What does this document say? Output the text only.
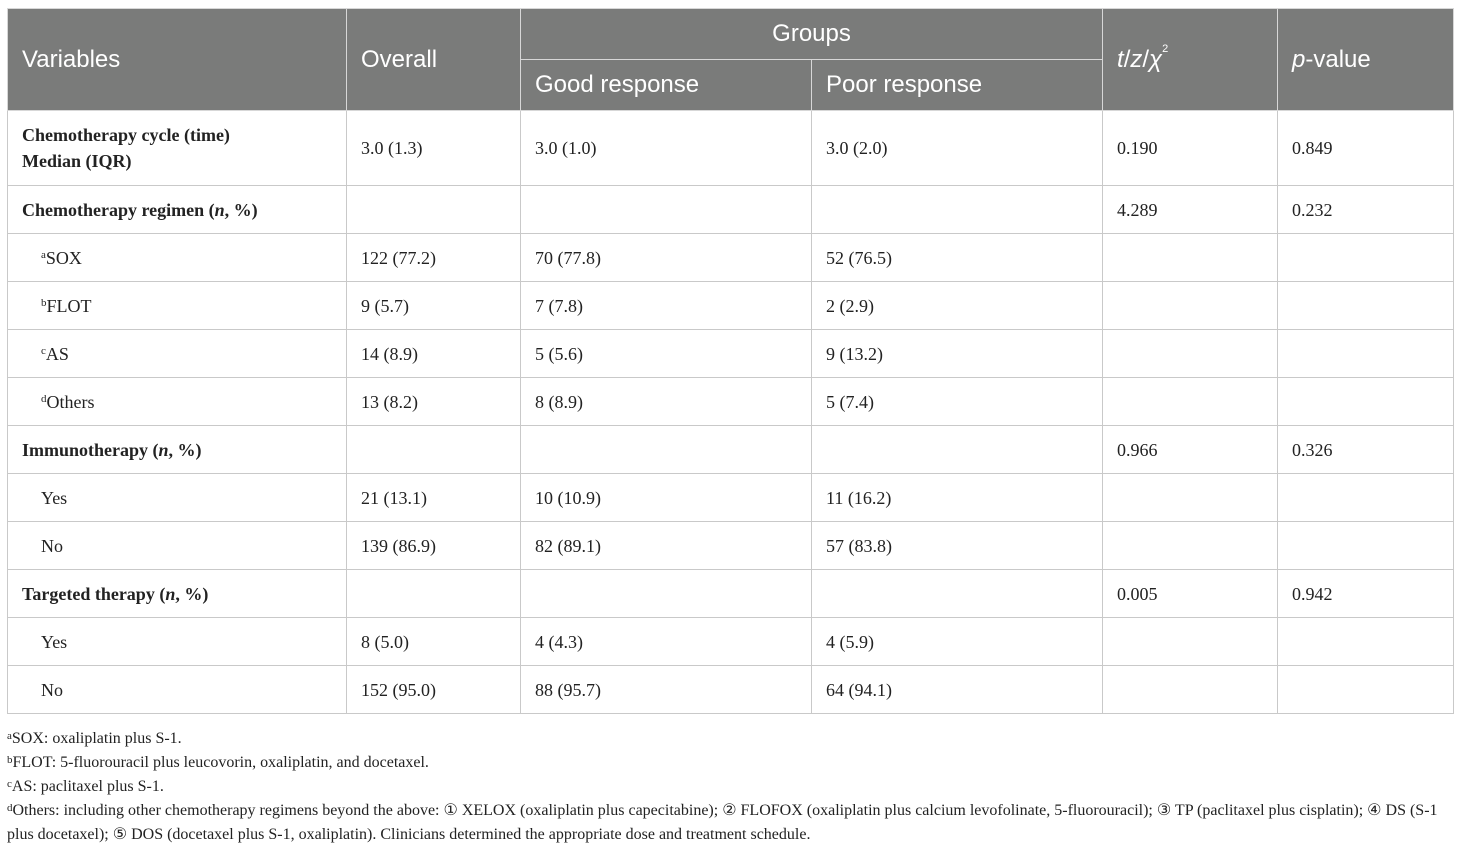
Variables	Overall	Groups		$t/z/\chi^2$	p-value
		Good response	Poor response		
Chemotherapy cycle (time)
Median (IQR)	3.0 (1.3)	3.0 (1.0)	3.0 (2.0)	0.190	0.849
Chemotherapy regimen (n, %)				4.289	0.232
$^a$SOX	122 (77.2)	70 (77.8)	52 (76.5)		
$^b$FLOT	9 (5.7)	7 (7.8)	2 (2.9)		
$^c$AS	14 (8.9)	5 (5.6)	9 (13.2)		
$^d$Others	13 (8.2)	8 (8.9)	5 (7.4)		
Immunotherapy (n, %)				0.966	0.326
Yes	21 (13.1)	10 (10.9)	11 (16.2)		
No	139 (86.9)	82 (89.1)	57 (83.8)		
Targeted therapy (n, %)				0.005	0.942
Yes	8 (5.0)	4 (4.3)	4 (5.9)		
No	152 (95.0)	88 (95.7)	64 (94.1)		

$^a$SOX: oxaliplatin plus S-1.

$^b$FLOT: 5-fluorouracil plus leucovorin, oxaliplatin, and docetaxel.

$^c$AS: paclitaxel plus S-1.

$^d$Others: including other chemotherapy regimens beyond the above: ① XELOX (oxaliplatin plus capecitabine); ② FLOFOX (oxaliplatin plus calcium levofolinate, 5-fluorouracil); ③ TP (paclitaxel plus cisplatin); ④ DS (S-1 plus docetaxel); ⑤ DOS (docetaxel plus S-1, oxaliplatin). Clinicians determined the appropriate dose and treatment schedule.
